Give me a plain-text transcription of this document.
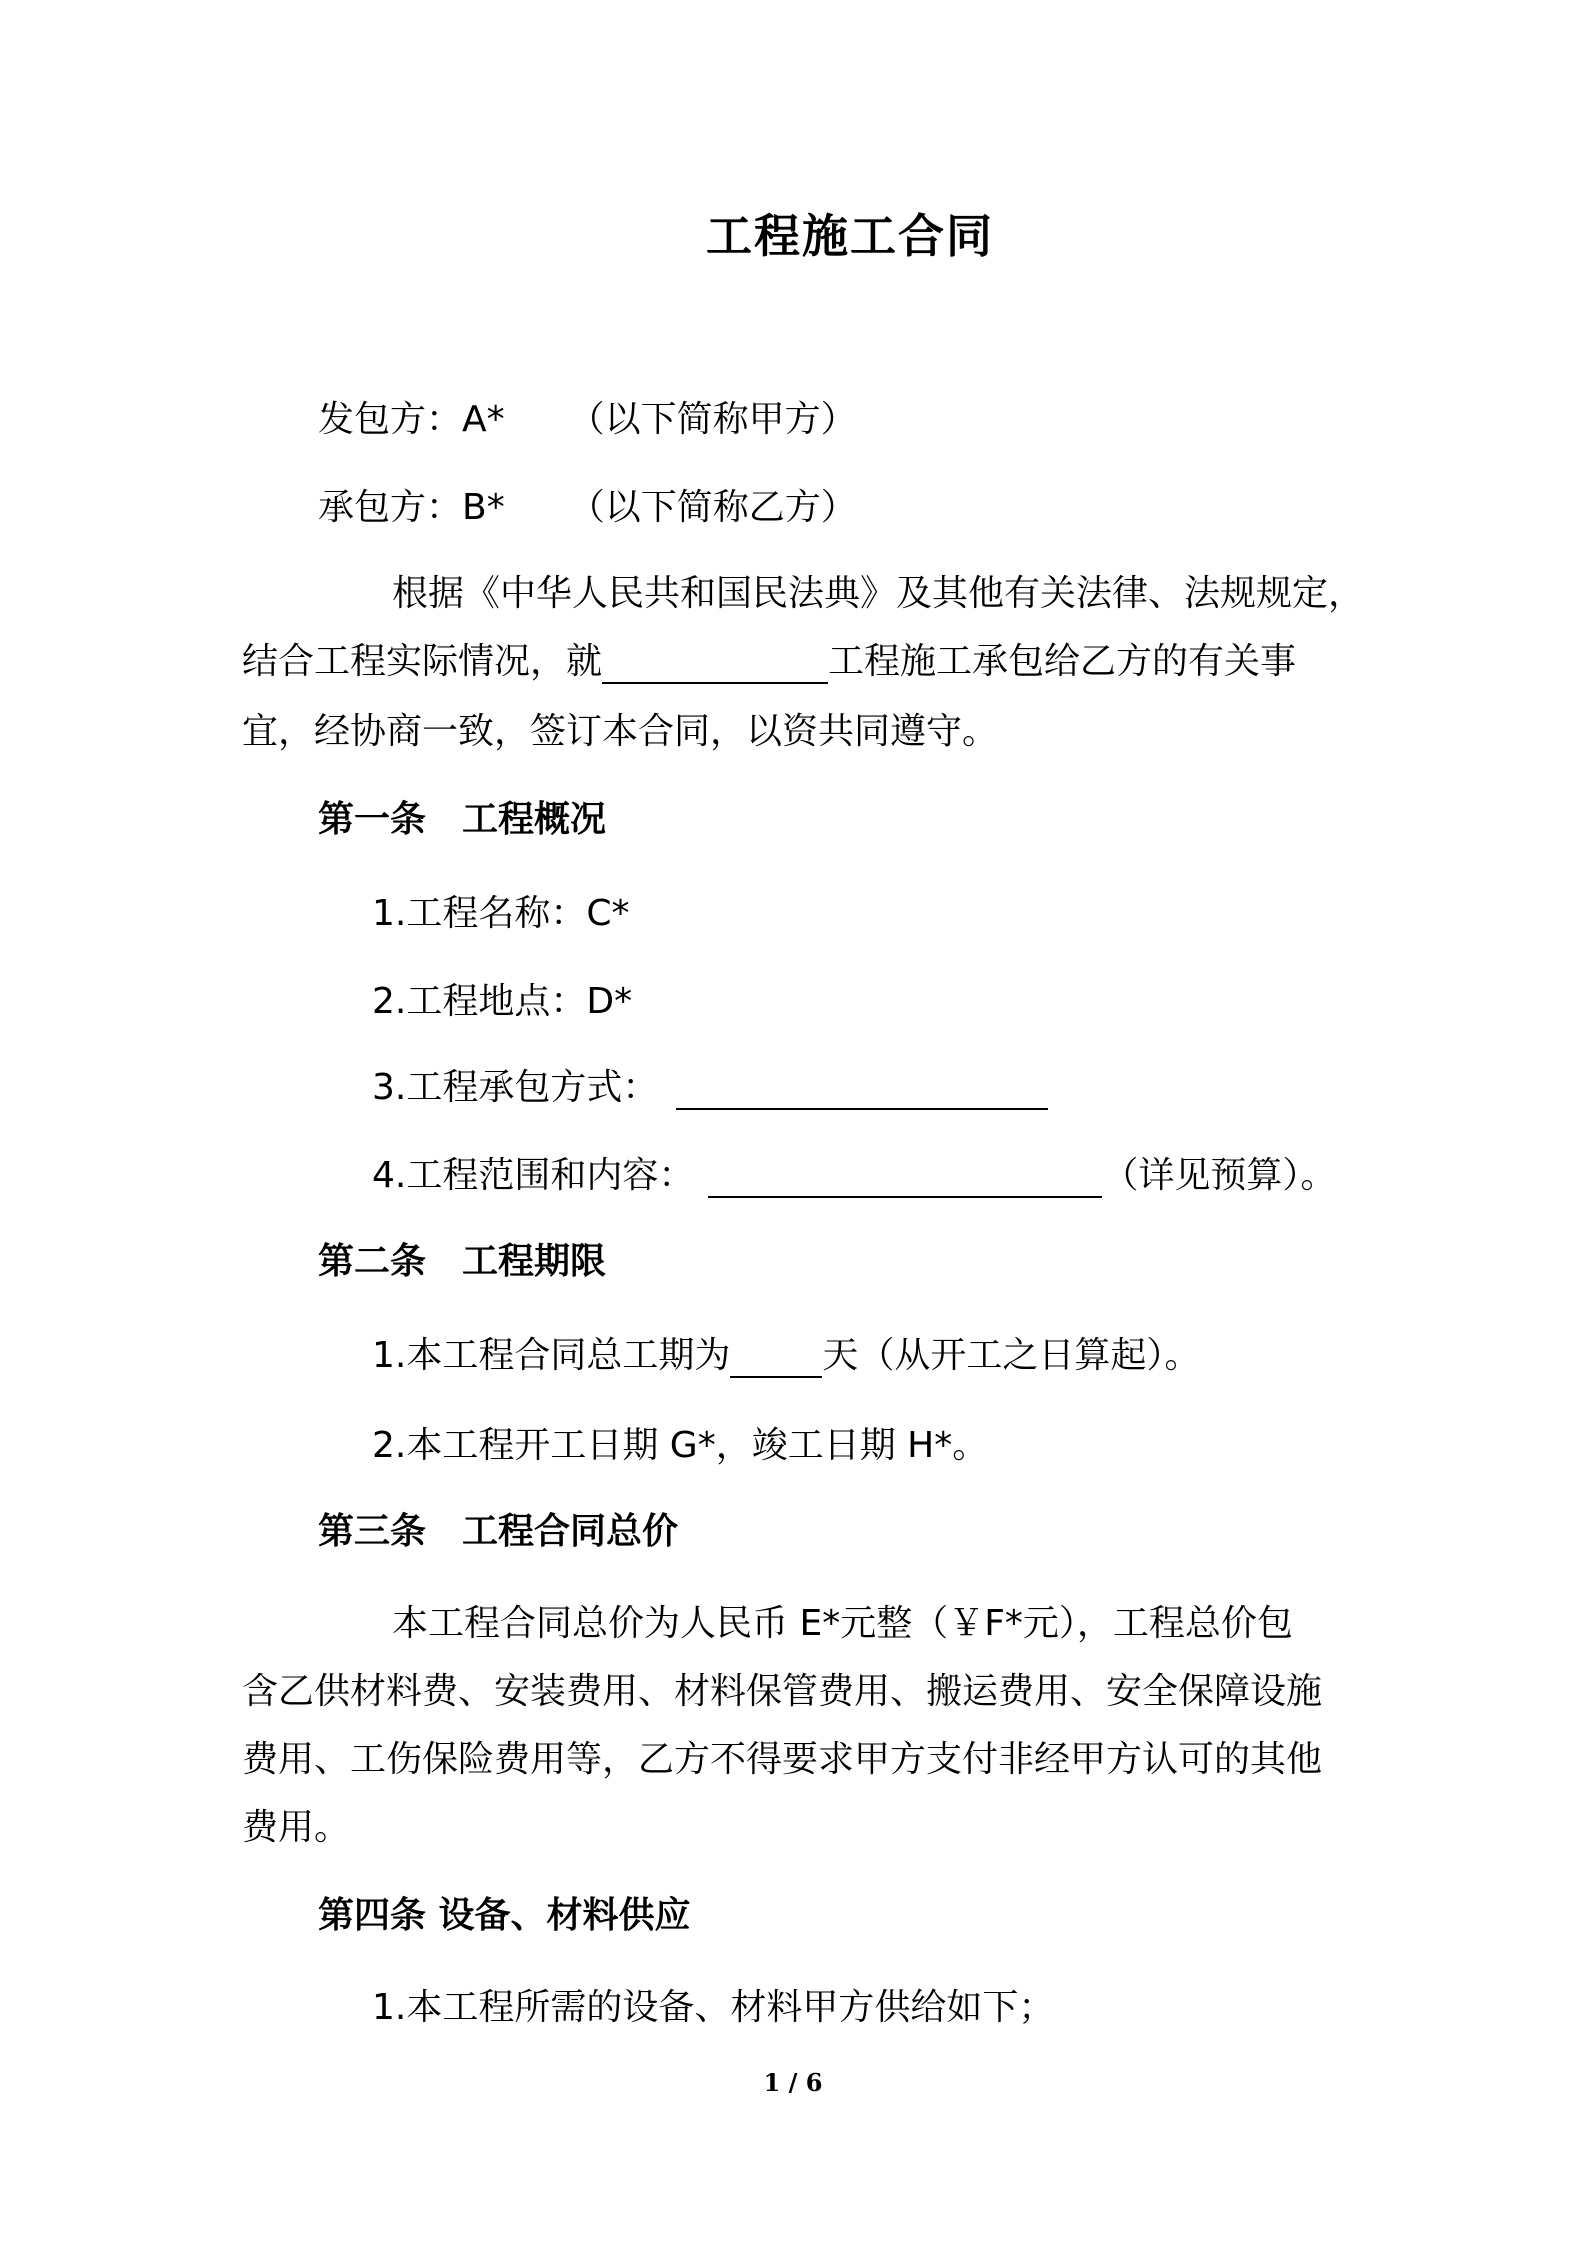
工程施工合同
发包方：A* （以下简称甲方）
承包方：B* （以下简称乙方）
根据《中华人民共和国民法典》及其他有关法律、法规规定，
结合工程实际情况，就	工程施工承包给乙方的有关事
宜，经协商一致，签订本合同，以资共同遵守。
第一条　工程概况
1.工程名称：C*
2.工程地点：D*
3.工程承包方式：
4.工程范围和内容：	（详见预算）。
第二条　工程期限
1.本工程合同总工期为	天（从开工之日算起）。
2.本工程开工日期 G*，竣工日期 H*。
第三条　工程合同总价
本工程合同总价为人民币 E*元整（￥F*元），工程总价包
含乙供材料费、安装费用、材料保管费用、搬运费用、安全保障设施
费用、工伤保险费用等，乙方不得要求甲方支付非经甲方认可的其他
费用。
第四条 设备、材料供应
1.本工程所需的设备、材料甲方供给如下；
1 / 6
